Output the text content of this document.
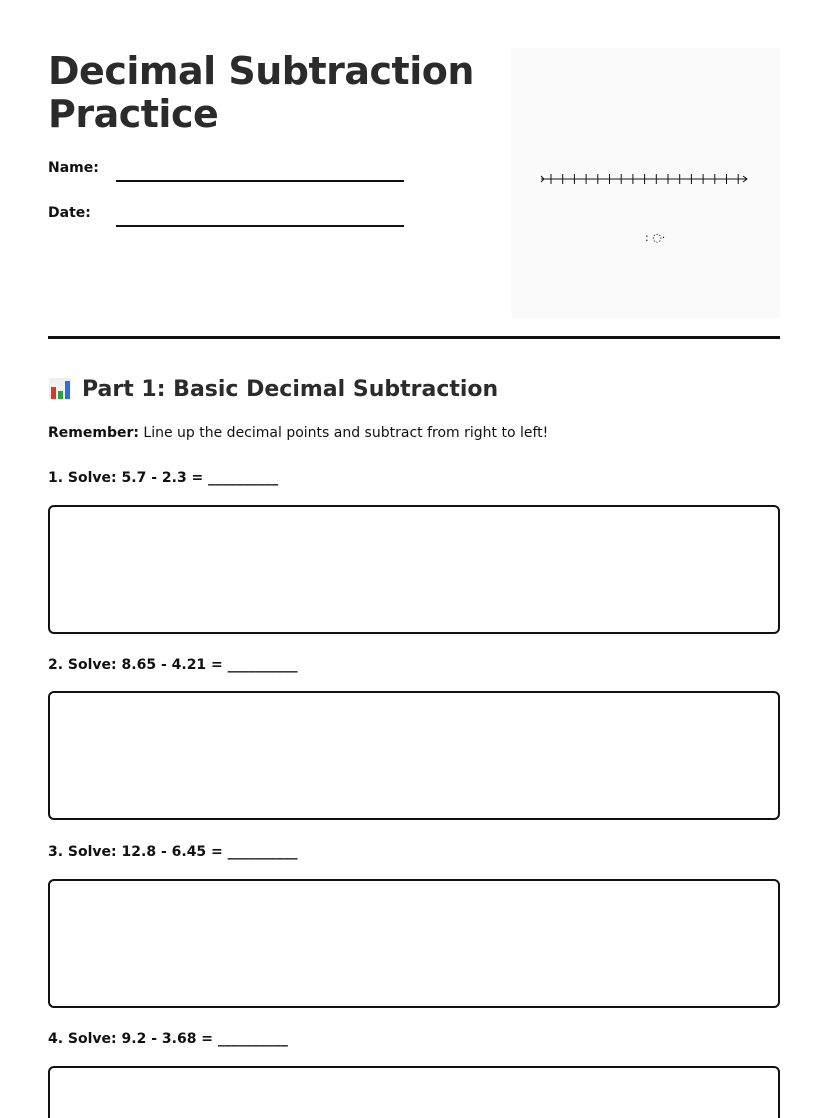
Decimal Subtraction
Practice
Name:
Date:
: ◌·
Part 1: Basic Decimal Subtraction

Remember: Line up the decimal points and subtract from right to left!

1. Solve: 5.7 - 2.3 = __________
2. Solve: 8.65 - 4.21 = __________
3. Solve: 12.8 - 6.45 = __________
4. Solve: 9.2 - 3.68 = __________
